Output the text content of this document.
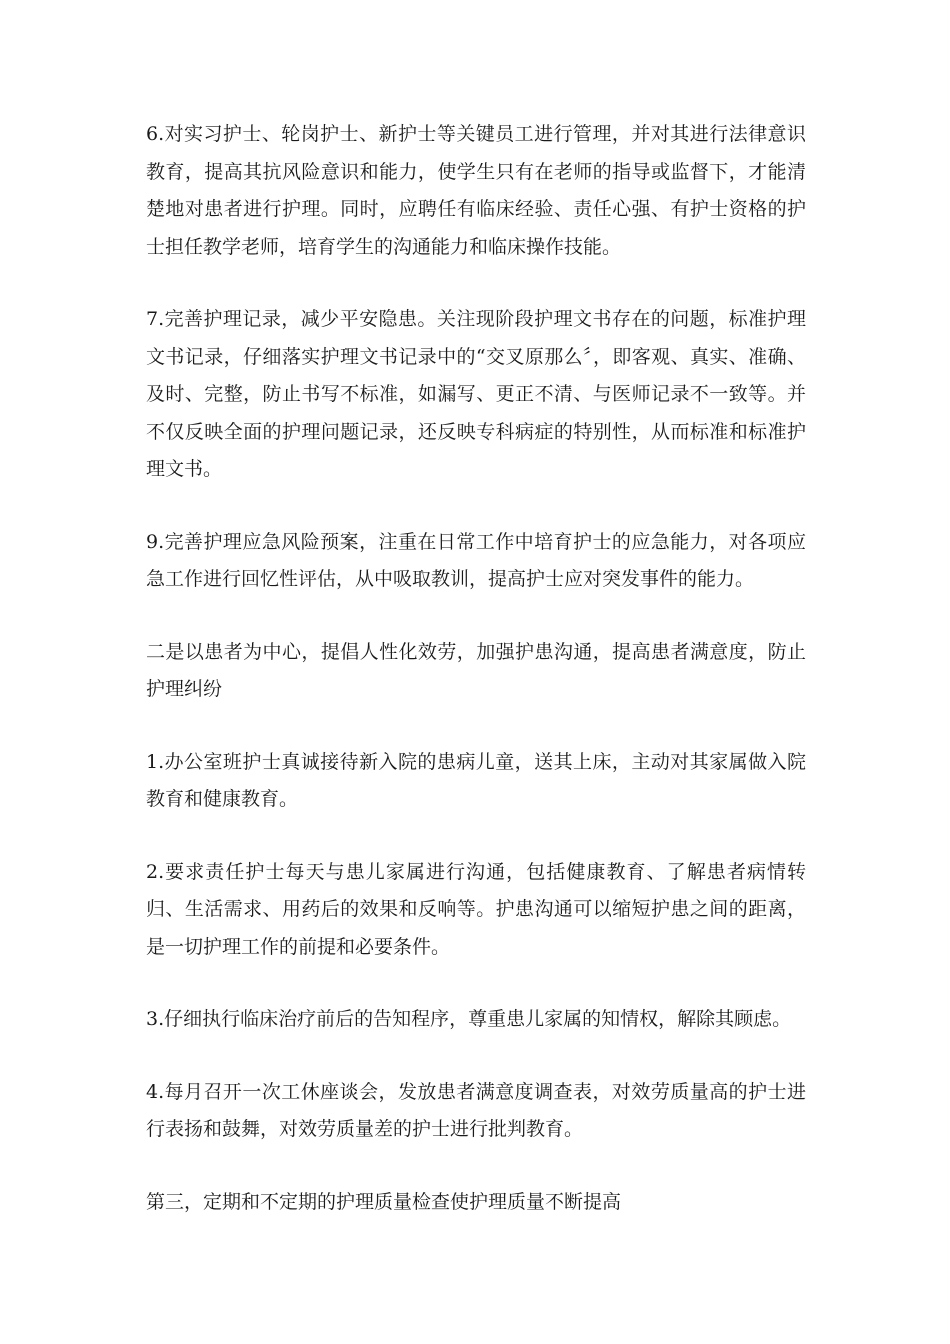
6.对实习护士、轮岗护士、新护士等关键员工进行管理，并对其进行法律意识教育，提高其抗风险意识和能力，使学生只有在老师的指导或监督下，才能清楚地对患者进行护理。同时，应聘任有临床经验、责任心强、有护士资格的护士担任教学老师，培育学生的沟通能力和临床操作技能。

7.完善护理记录，减少平安隐患。关注现阶段护理文书存在的问题，标准护理文书记录，仔细落实护理文书记录中的“交叉原那么〞，即客观、真实、准确、及时、完整，防止书写不标准，如漏写、更正不清、与医师记录不一致等。并不仅反映全面的护理问题记录，还反映专科病症的特别性，从而标准和标准护理文书。

9.完善护理应急风险预案，注重在日常工作中培育护士的应急能力，对各项应急工作进行回忆性评估，从中吸取教训，提高护士应对突发事件的能力。

二是以患者为中心，提倡人性化效劳，加强护患沟通，提高患者满意度，防止护理纠纷

1.办公室班护士真诚接待新入院的患病儿童，送其上床，主动对其家属做入院教育和健康教育。

2.要求责任护士每天与患儿家属进行沟通，包括健康教育、了解患者病情转归、生活需求、用药后的效果和反响等。护患沟通可以缩短护患之间的距离，是一切护理工作的前提和必要条件。

3.仔细执行临床治疗前后的告知程序，尊重患儿家属的知情权，解除其顾虑。

4.每月召开一次工休座谈会，发放患者满意度调查表，对效劳质量高的护士进行表扬和鼓舞，对效劳质量差的护士进行批判教育。

第三，定期和不定期的护理质量检查使护理质量不断提高
